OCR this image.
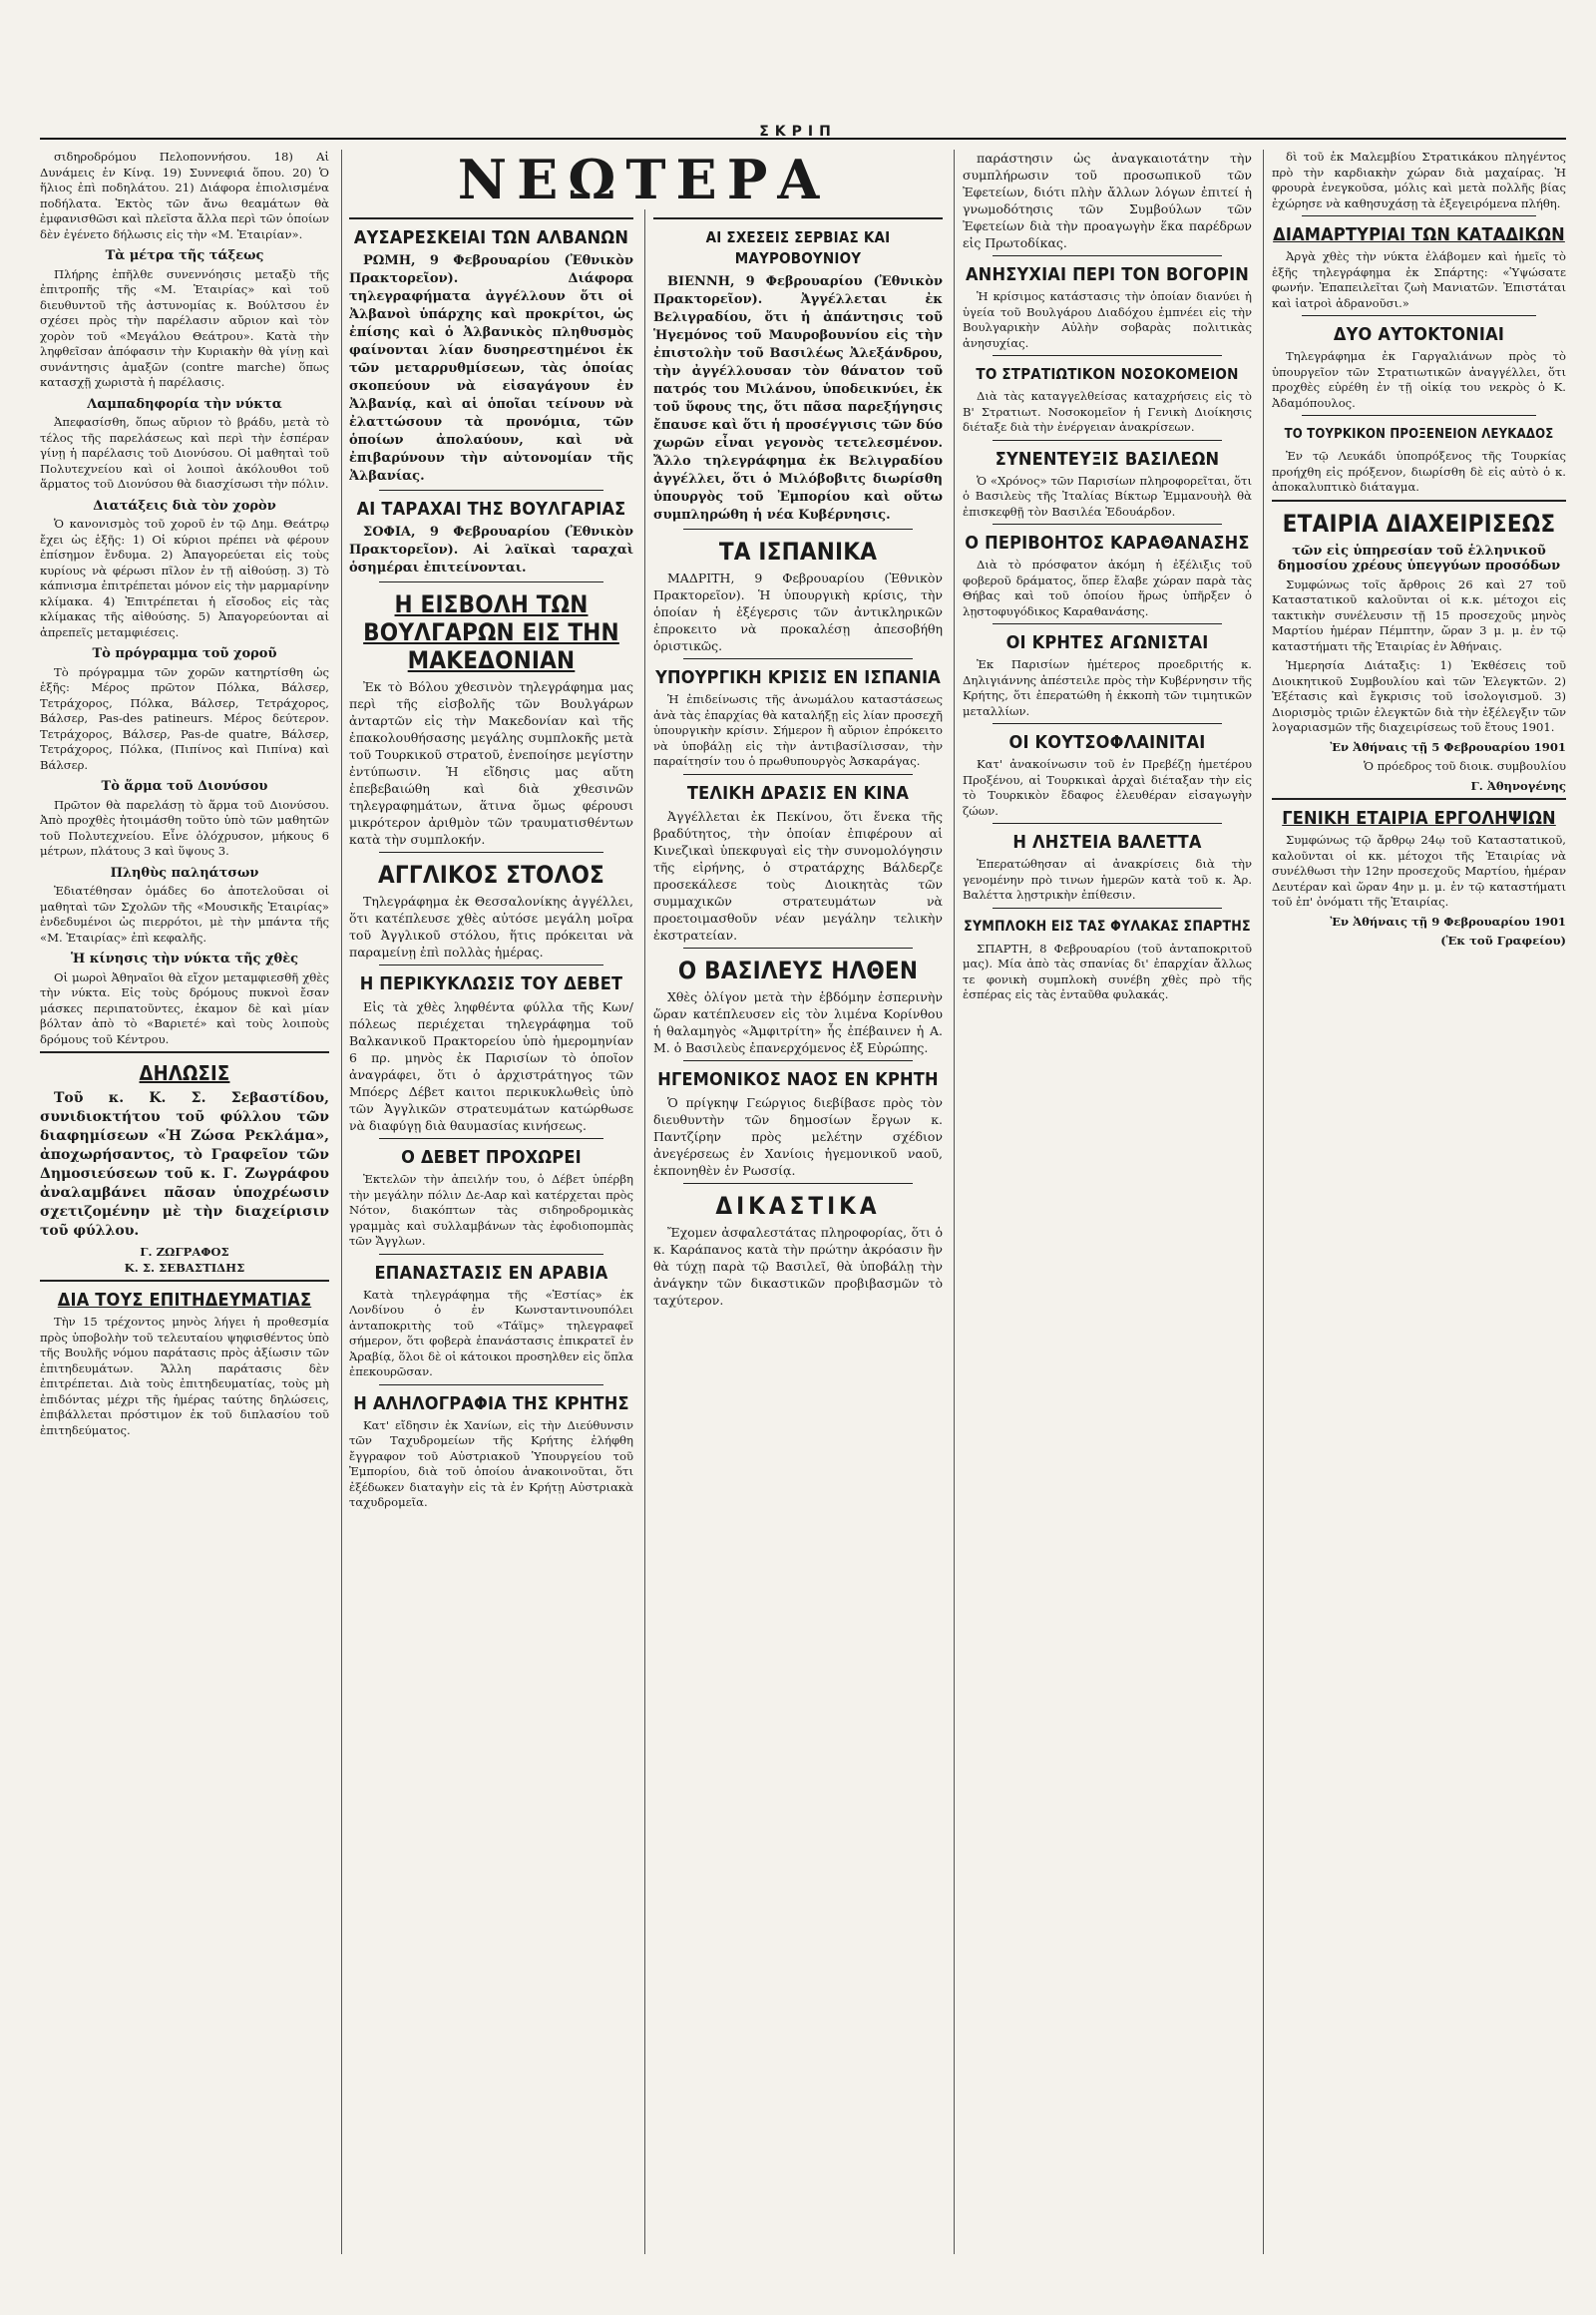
ΣΚΡΙΠ
ΝΕΩΤΕΡΑ

σιδηροδρόμου Πελοποννήσου. 18) Αἱ Δυνάμεις ἐν Κίνᾳ. 19) Συννεφιά ὅπου. 20) Ὁ ἥλιος ἐπὶ ποδηλάτου. 21) Διάφορα ἐπιολισμένα ποδήλατα. Ἐκτὸς τῶν ἄνω θεαμάτων θὰ ἐμφανισθῶσι καὶ πλεῖστα ἄλλα περὶ τῶν ὁποίων δὲν ἐγένετο δήλωσις εἰς τὴν «Μ. Ἑταιρίαν».

Τὰ μέτρα τῆς τάξεως

Πλήρης ἐπῆλθε συνεννόησις μεταξὺ τῆς ἐπιτροπῆς τῆς «Μ. Ἑταιρίας» καὶ τοῦ διευθυντοῦ τῆς ἀστυνομίας κ. Βούλτσου ἐν σχέσει πρὸς τὴν παρέλασιν αὔριον καὶ τὸν χορὸν τοῦ «Μεγάλου Θεάτρου». Κατὰ τὴν ληφθεῖσαν ἀπόφασιν τὴν Κυριακὴν θὰ γίνῃ καὶ συνάντησις ἀμαξῶν (contre marche) ὅπως κατασχῇ χωριστὰ ἡ παρέλασις.

Λαμπαδηφορία τὴν νύκτα

Ἀπεφασίσθη, ὅπως αὔριον τὸ βράδυ, μετὰ τὸ τέλος τῆς παρελάσεως καὶ περὶ τὴν ἑσπέραν γίνῃ ἡ παρέλασις τοῦ Διονύσου. Οἱ μαθηταὶ τοῦ Πολυτεχνείου καὶ οἱ λοιποὶ ἀκόλουθοι τοῦ ἅρματος τοῦ Διονύσου θὰ διασχίσωσι τὴν πόλιν.

Διατάξεις διὰ τὸν χορὸν

Ὁ κανονισμὸς τοῦ χοροῦ ἐν τῷ Δημ. Θεάτρῳ ἔχει ὡς ἑξῆς: 1) Οἱ κύριοι πρέπει νὰ φέρουν ἐπίσημον ἔνδυμα. 2) Ἀπαγορεύεται εἰς τοὺς κυρίους νὰ φέρωσι πῖλον ἐν τῇ αἰθούσῃ. 3) Τὸ κάπνισμα ἐπιτρέπεται μόνον εἰς τὴν μαρμαρίνην κλίμακα. 4) Ἐπιτρέπεται ἡ εἴσοδος εἰς τὰς κλίμακας τῆς αἰθούσης. 5) Ἀπαγορεύονται αἱ ἀπρεπεῖς μεταμφιέσεις.

Τὸ πρόγραμμα τοῦ χοροῦ

Τὸ πρόγραμμα τῶν χορῶν κατηρτίσθη ὡς ἑξῆς: Μέρος πρῶτον Πόλκα, Βάλσερ, Τετράχορος, Πόλκα, Βάλσερ, Τετράχορος, Βάλσερ, Pas-des patineurs. Μέρος δεύτερον. Τετράχορος, Βάλσερ, Pas-de quatre, Βάλσερ, Τετράχορος, Πόλκα, (Πιπίνος καὶ Πιπίνα) καὶ Βάλσερ.

Τὸ ἅρμα τοῦ Διονύσου

Πρῶτον θὰ παρελάσῃ τὸ ἅρμα τοῦ Διονύσου. Ἀπὸ προχθὲς ἠτοιμάσθη τοῦτο ὑπὸ τῶν μαθητῶν τοῦ Πολυτεχνείου. Εἶνε ὁλόχρυσον, μήκους 6 μέτρων, πλάτους 3 καὶ ὕψους 3.

Πληθὺς παληάτσων

Ἐδιατέθησαν ὁμάδες 6ο ἀποτελοῦσαι οἱ μαθηταὶ τῶν Σχολῶν τῆς «Μουσικῆς Ἑταιρίας» ἐνδεδυμένοι ὡς πιερρότοι, μὲ τὴν μπάντα τῆς «Μ. Ἑταιρίας» ἐπὶ κεφαλῆς.

Ἡ κίνησις τὴν νύκτα τῆς χθὲς

Οἱ μωροὶ Ἀθηναῖοι θὰ εἴχον μεταμφιεσθῆ χθὲς τὴν νύκτα. Εἰς τοὺς δρόμους πυκνοὶ ἔσαν μάσκες περιπατοῦντες, ἐκαμον δὲ καὶ μίαν βόλταν ἀπὸ τὸ «Βαριετέ» καὶ τοὺς λοιποὺς δρόμους τοῦ Κέντρου.

ΔΗΛΩΣΙΣ

Τοῦ κ. Κ. Σ. Σεβαστίδου, συνιδιοκτήτου τοῦ φύλλου τῶν διαφημίσεων «Ἡ Ζώσα Ρεκλάμα», ἀποχωρήσαντος, τὸ Γραφεῖον τῶν Δημοσιεύσεων τοῦ κ. Γ. Ζωγράφου ἀναλαμβάνει πᾶσαν ὑποχρέωσιν σχετιζομένην μὲ τὴν διαχείρισιν τοῦ φύλλου.

Γ. ΖΩΓΡΑΦΟΣ
Κ. Σ. ΣΕΒΑΣΤΙΔΗΣ
ΔΙΑ ΤΟΥΣ ΕΠΙΤΗΔΕΥΜΑΤΙΑΣ

Τὴν 15 τρέχοντος μηνὸς λήγει ἡ προθεσμία πρὸς ὑποβολὴν τοῦ τελευταίου ψηφισθέντος ὑπὸ τῆς Βουλῆς νόμου παράτασις πρὸς ἀξίωσιν τῶν ἐπιτηδευμάτων. Ἄλλη παράτασις δὲν ἐπιτρέπεται. Διὰ τοὺς ἐπιτηδευματίας, τοὺς μὴ ἐπιδόντας μέχρι τῆς ἡμέρας ταύτης δηλώσεις, ἐπιβάλλεται πρόστιμον ἐκ τοῦ διπλασίου τοῦ ἐπιτηδεύματος.

ΑΥΣΑΡΕΣΚΕΙΑΙ ΤΩΝ ΑΛΒΑΝΩΝ

ΡΩΜΗ, 9 Φεβρουαρίου (Ἐθνικὸν Πρακτορεῖον). Διάφορα τηλεγραφήματα ἀγγέλλουν ὅτι οἱ Ἀλβανοὶ ὑπάρχης καὶ προκρίτοι, ὡς ἐπίσης καὶ ὁ Ἀλβανικὸς πληθυσμὸς φαίνονται λίαν δυσηρεστημένοι ἐκ τῶν μεταρρυθμίσεων, τὰς ὁποίας σκοπεύουν νὰ εἰσαγάγουν ἐν Ἀλβανίᾳ, καὶ αἱ ὁποῖαι τείνουν νὰ ἐλαττώσουν τὰ προνόμια, τῶν ὁποίων ἀπολαύουν, καὶ νὰ ἐπιβαρύνουν τὴν αὐτονομίαν τῆς Ἀλβανίας.

ΑΙ ΤΑΡΑΧΑΙ ΤΗΣ ΒΟΥΛΓΑΡΙΑΣ

ΣΟΦΙΑ, 9 Φεβρουαρίου (Ἐθνικὸν Πρακτορεῖον). Αἱ λαϊκαὶ ταραχαὶ ὁσημέραι ἐπιτείνονται.

Η ΕΙΣΒΟΛΗ ΤΩΝ ΒΟΥΛΓΑΡΩΝ ΕΙΣ ΤΗΝ ΜΑΚΕΔΟΝΙΑΝ

Ἐκ τὸ Βόλου χθεσινὸν τηλεγράφημα μας περὶ τῆς εἰσβολῆς τῶν Βουλγάρων ἀνταρτῶν εἰς τὴν Μακεδονίαν καὶ τῆς ἐπακολουθήσασης μεγάλης συμπλοκῆς μετὰ τοῦ Τουρκικοῦ στρατοῦ, ἐνεποίησε μεγίστην ἐντύπωσιν. Ἡ εἴδησις μας αὕτη ἐπεβεβαιώθη καὶ διὰ χθεσινῶν τηλεγραφημάτων, ἅτινα ὅμως φέρουσι μικρότερον ἀριθμὸν τῶν τραυματισθέντων κατὰ τὴν συμπλοκήν.

ΑΓΓΛΙΚΟΣ ΣΤΟΛΟΣ

Τηλεγράφημα ἐκ Θεσσαλονίκης ἀγγέλλει, ὅτι κατέπλευσε χθὲς αὐτόσε μεγάλη μοῖρα τοῦ Ἀγγλικοῦ στόλου, ἥτις πρόκειται νὰ παραμείνῃ ἐπὶ πολλὰς ἡμέρας.

Η ΠΕΡΙΚΥΚΛΩΣΙΣ ΤΟΥ ΔΕΒΕΤ

Εἰς τὰ χθὲς ληφθέντα φύλλα τῆς Κων/πόλεως περιέχεται τηλεγράφημα τοῦ Βαλκανικοῦ Πρακτορείου ὑπὸ ἡμερομηνίαν 6 πρ. μηνὸς ἐκ Παρισίων τὸ ὁποῖον ἀναγράφει, ὅτι ὁ ἀρχιστράτηγος τῶν Μπόερς Δέβετ καιτοι περικυκλωθεὶς ὑπὸ τῶν Ἀγγλικῶν στρατευμάτων κατώρθωσε νὰ διαφύγῃ διὰ θαυμασίας κινήσεως.

Ο ΔΕΒΕΤ ΠΡΟΧΩΡΕΙ

Ἐκτελῶν τὴν ἀπειλήν του, ὁ Δέβετ ὑπέρβη τὴν μεγάλην πόλιν Δε-Ααρ καὶ κατέρχεται πρὸς Νότον, διακόπτων τὰς σιδηροδρομικὰς γραμμὰς καὶ συλλαμβάνων τὰς ἐφοδιοπομπὰς τῶν Ἄγγλων.

ΕΠΑΝΑΣΤΑΣΙΣ ΕΝ ΑΡΑΒΙΑ

Κατὰ τηλεγράφημα τῆς «Ἑστίας» ἐκ Λονδίνου ὁ ἐν Κωνσταντινουπόλει ἀνταποκριτὴς τοῦ «Τάϊμς» τηλεγραφεῖ σήμερον, ὅτι φοβερὰ ἐπανάστασις ἐπικρατεῖ ἐν Ἀραβίᾳ, ὅλοι δὲ οἱ κάτοικοι προσηλθεν εἰς ὅπλα ἐπεκουρῶσαν.

Η ΑΛΗΛΟΓΡΑΦΙΑ ΤΗΣ ΚΡΗΤΗΣ

Κατ' εἴδησιν ἐκ Χανίων, εἰς τὴν Διεύθυνσιν τῶν Ταχυδρομείων τῆς Κρήτης ἐλήφθη ἔγγραφον τοῦ Αὐστριακοῦ Ὑπουργείου τοῦ Ἐμπορίου, διὰ τοῦ ὁποίου ἀνακοινοῦται, ὅτι ἐξέδωκεν διαταγὴν εἰς τὰ ἐν Κρήτῃ Αὐστριακὰ ταχυδρομεῖα.

ΑΙ ΣΧΕΣΕΙΣ ΣΕΡΒΙΑΣ ΚΑΙ ΜΑΥΡΟΒΟΥΝΙΟΥ

ΒΙΕΝΝΗ, 9 Φεβρουαρίου (Ἐθνικὸν Πρακτορεῖον). Ἀγγέλλεται ἐκ Βελιγραδίου, ὅτι ἡ ἀπάντησις τοῦ Ἡγεμόνος τοῦ Μαυροβουνίου εἰς τὴν ἐπιστολὴν τοῦ Βασιλέως Ἀλεξάνδρου, τὴν ἀγγέλλουσαν τὸν θάνατον τοῦ πατρός του Μιλάνου, ὑποδεικνύει, ἐκ τοῦ ὕφους της, ὅτι πᾶσα παρεξήγησις ἔπαυσε καὶ ὅτι ἡ προσέγγισις τῶν δύο χωρῶν εἶναι γεγονὸς τετελεσμένον. Ἄλλο τηλεγράφημα ἐκ Βελιγραδίου ἀγγέλλει, ὅτι ὁ Μιλόβοβιτς διωρίσθη ὑπουργὸς τοῦ Ἐμπορίου καὶ οὕτω συμπληρώθη ἡ νέα Κυβέρνησις.

ΤΑ ΙΣΠΑΝΙΚΑ

ΜΑΔΡΙΤΗ, 9 Φεβρουαρίου (Ἐθνικὸν Πρακτορεῖον). Ἡ ὑπουργικὴ κρίσις, τὴν ὁποίαν ἡ ἐξέγερσις τῶν ἀντικληρικῶν ἐπροκειτο νὰ προκαλέσῃ ἀπεσοβήθη ὁριστικῶς.

ΥΠΟΥΡΓΙΚΗ ΚΡΙΣΙΣ ΕΝ ΙΣΠΑΝΙΑ

Ἡ ἐπιδείνωσις τῆς ἀνωμάλου καταστάσεως ἀνὰ τὰς ἐπαρχίας θὰ καταλήξῃ εἰς λίαν προσεχῆ ὑπουργικὴν κρίσιν. Σήμερον ἢ αὔριον ἐπρόκειτο νὰ ὑποβάλῃ εἰς τὴν ἀντιβασίλισσαν, τὴν παραίτησίν του ὁ πρωθυπουργὸς Ἀσκαράγας.

ΤΕΛΙΚΗ ΔΡΑΣΙΣ ΕΝ ΚΙΝΑ

Ἀγγέλλεται ἐκ Πεκίνου, ὅτι ἕνεκα τῆς βραδύτητος, τὴν ὁποίαν ἐπιφέρουν αἱ Κινεζικαὶ ὑπεκφυγαὶ εἰς τὴν συνομολόγησιν τῆς εἰρήνης, ὁ στρατάρχης Βάλδερζε προσεκάλεσε τοὺς Διοικητὰς τῶν συμμαχικῶν στρατευμάτων νὰ προετοιμασθοῦν νέαν μεγάλην τελικὴν ἐκστρατείαν.

Ο ΒΑΣΙΛΕΥΣ ΗΛΘΕΝ

Χθὲς ὀλίγον μετὰ τὴν ἑβδόμην ἑσπερινὴν ὥραν κατέπλευσεν εἰς τὸν λιμένα Κορίνθου ἡ θαλαμηγὸς «Ἀμφιτρίτη» ἧς ἐπέβαινεν ἡ Α. Μ. ὁ Βασιλεὺς ἐπανερχόμενος ἐξ Εὐρώπης.

ΗΓΕΜΟΝΙΚΟΣ ΝΑΟΣ ΕΝ ΚΡΗΤΗ

Ὁ πρίγκηψ Γεώργιος διεβίβασε πρὸς τὸν διευθυντὴν τῶν δημοσίων ἔργων κ. Παντζίρην πρὸς μελέτην σχέδιον ἀνεγέρσεως ἐν Χανίοις ἡγεμονικοῦ ναοῦ, ἐκπονηθὲν ἐν Ρωσσίᾳ.

ΔΙΚΑΣΤΙΚΑ

Ἔχομεν ἀσφαλεστάτας πληροφορίας, ὅτι ὁ κ. Καράπανος κατὰ τὴν πρώτην ἀκρόασιν ἣν θὰ τύχῃ παρὰ τῷ Βασιλεῖ, θὰ ὑποβάλῃ τὴν ἀνάγκην τῶν δικαστικῶν προβιβασμῶν τὸ ταχύτερον.

παράστησιν ὡς ἀναγκαιοτάτην τὴν συμπλήρωσιν τοῦ προσωπικοῦ τῶν Ἐφετείων, διότι πλὴν ἄλλων λόγων ἐπιτεί ἡ γνωμοδότησις τῶν Συμβούλων τῶν Ἐφετείων διὰ τὴν προαγωγὴν ἕκα παρέδρων εἰς Πρωτοδίκας.

ΑΝΗΣΥΧΙΑΙ ΠΕΡΙ ΤΟΝ ΒΟΓΟΡΙΝ

Ἡ κρίσιμος κατάστασις τὴν ὁποίαν διανύει ἡ ὑγεία τοῦ Βουλγάρου Διαδόχου ἐμπνέει εἰς τὴν Βουλγαρικὴν Αὐλὴν σοβαρὰς πολιτικὰς ἀνησυχίας.

ΤΟ ΣΤΡΑΤΙΩΤΙΚΟΝ ΝΟΣΟΚΟΜΕΙΟΝ

Διὰ τὰς καταγγελθείσας καταχρήσεις εἰς τὸ Β' Στρατιωτ. Νοσοκομεῖον ἡ Γενικὴ Διοίκησις διέταξε διὰ τὴν ἐνέργειαν ἀνακρίσεων.

ΣΥΝΕΝΤΕΥΞΙΣ ΒΑΣΙΛΕΩΝ

Ὁ «Χρόνος» τῶν Παρισίων πληροφορεῖται, ὅτι ὁ Βασιλεὺς τῆς Ἰταλίας Βίκτωρ Ἐμμανουὴλ θὰ ἐπισκεφθῇ τὸν Βασιλέα Ἐδουάρδον.

Ο ΠΕΡΙΒΟΗΤΟΣ ΚΑΡΑΘΑΝΑΣΗΣ

Διὰ τὸ πρόσφατον ἀκόμη ἡ ἐξέλιξις τοῦ φοβεροῦ δράματος, ὅπερ ἔλαβε χώραν παρὰ τὰς Θήβας καὶ τοῦ ὁποίου ἥρως ὑπῆρξεν ὁ λῃστοφυγόδικος Καραθανάσης.

ΟΙ ΚΡΗΤΕΣ ΑΓΩΝΙΣΤΑΙ

Ἐκ Παρισίων ἡμέτερος προεδριτής κ. Δηλιγιάννης ἀπέστειλε πρὸς τὴν Κυβέρνησιν τῆς Κρήτης, ὅτι ἐπερατώθη ἡ ἐκκοπὴ τῶν τιμητικῶν μεταλλίων.

ΟΙ ΚΟΥΤΣΟΦΛΑΙΝΙΤΑΙ

Κατ' ἀνακοίνωσιν τοῦ ἐν Πρεβέζῃ ἡμετέρου Προξένου, αἱ Τουρκικαὶ ἀρχαὶ διέταξαν τὴν εἰς τὸ Τουρκικὸν ἔδαφος ἐλευθέραν εἰσαγωγὴν ζώων.

Η ΛΗΣΤΕΙΑ ΒΑΛΕΤΤΑ

Ἐπερατώθησαν αἱ ἀνακρίσεις διὰ τὴν γενομένην πρὸ τινων ἡμερῶν κατὰ τοῦ κ. Ἀρ. Βαλέττα λῃστρικὴν ἐπίθεσιν.

ΣΥΜΠΛΟΚΗ ΕΙΣ ΤΑΣ ΦΥΛΑΚΑΣ ΣΠΑΡΤΗΣ

ΣΠΑΡΤΗ, 8 Φεβρουαρίου (τοῦ ἀνταποκριτοῦ μας). Μία ἀπὸ τὰς σπανίας δι' ἐπαρχίαν ἄλλως τε φονικὴ συμπλοκὴ συνέβη χθὲς πρὸ τῆς ἑσπέρας εἰς τὰς ἐνταῦθα φυλακάς.

δὶ τοῦ ἐκ Μαλεμβίου Στρατικάκου πληγέντος πρὸ τὴν καρδιακὴν χώραν διὰ μαχαίρας. Ἡ φρουρὰ ἐνεγκοῦσα, μόλις καὶ μετὰ πολλῆς βίας ἐχώρησε νὰ καθησυχάσῃ τὰ ἐξεγειρόμενα πλήθη.

ΔΙΑΜΑΡΤΥΡΙΑΙ ΤΩΝ ΚΑΤΑΔΙΚΩΝ

Ἀργὰ χθὲς τὴν νύκτα ἐλάβομεν καὶ ἡμεῖς τὸ ἑξῆς τηλεγράφημα ἐκ Σπάρτης: «Ὑψώσατε φωνήν. Ἐπαπειλεῖται ζωὴ Μανιατῶν. Ἐπιστάται καὶ ἰατροὶ ἀδρανοῦσι.»

ΔΥΟ ΑΥΤΟΚΤΟΝΙΑΙ

Τηλεγράφημα ἐκ Γαργαλιάνων πρὸς τὸ ὑπουργεῖον τῶν Στρατιωτικῶν ἀναγγέλλει, ὅτι προχθὲς εὑρέθη ἐν τῇ οἰκίᾳ του νεκρὸς ὁ Κ. Ἀδαμόπουλος.

ΤΟ ΤΟΥΡΚΙΚΟΝ ΠΡΟΞΕΝΕΙΟΝ ΛΕΥΚΑΔΟΣ

Ἐν τῷ Λευκάδι ὑποπρόξενος τῆς Τουρκίας προήχθη εἰς πρόξενον, διωρίσθη δὲ εἰς αὐτὸ ὁ κ. ἀποκαλυπτικὸ διάταγμα.

ΕΤΑΙΡΙΑ ΔΙΑΧΕΙΡΙΣΕΩΣ
τῶν εἰς ὑπηρεσίαν τοῦ ἑλληνικοῦ δημοσίου χρέους ὑπεγγύων προσόδων

Συμφώνως τοῖς ἄρθροις 26 καὶ 27 τοῦ Καταστατικοῦ καλοῦνται οἱ κ.κ. μέτοχοι εἰς τακτικὴν συνέλευσιν τῇ 15 προσεχοῦς μηνὸς Μαρτίου ἡμέραν Πέμπτην, ὥραν 3 μ. μ. ἐν τῷ καταστήματι τῆς Ἑταιρίας ἐν Ἀθήναις.

Ἡμερησία Διάταξις: 1) Ἐκθέσεις τοῦ Διοικητικοῦ Συμβουλίου καὶ τῶν Ἐλεγκτῶν. 2) Ἐξέτασις καὶ ἔγκρισις τοῦ ἰσολογισμοῦ. 3) Διορισμὸς τριῶν ἐλεγκτῶν διὰ τὴν ἐξέλεγξιν τῶν λογαριασμῶν τῆς διαχειρίσεως τοῦ ἔτους 1901.

Ἐν Ἀθήναις τῇ 5 Φεβρουαρίου 1901
Ὁ πρόεδρος τοῦ διοικ. συμβουλίου
Γ. Ἀθηνογένης
ΓΕΝΙΚΗ ΕΤΑΙΡΙΑ ΕΡΓΟΛΗΨΙΩΝ

Συμφώνως τῷ ἄρθρῳ 24ῳ τοῦ Καταστατικοῦ, καλοῦνται οἱ κκ. μέτοχοι τῆς Ἑταιρίας νὰ συνέλθωσι τὴν 12ην προσεχοῦς Μαρτίου, ἡμέραν Δευτέραν καὶ ὥραν 4ην μ. μ. ἐν τῷ καταστήματι τοῦ ἐπ' ὀνόματι τῆς Ἑταιρίας.

Ἐν Ἀθήναις τῇ 9 Φεβρουαρίου 1901
(Ἐκ τοῦ Γραφείου)
